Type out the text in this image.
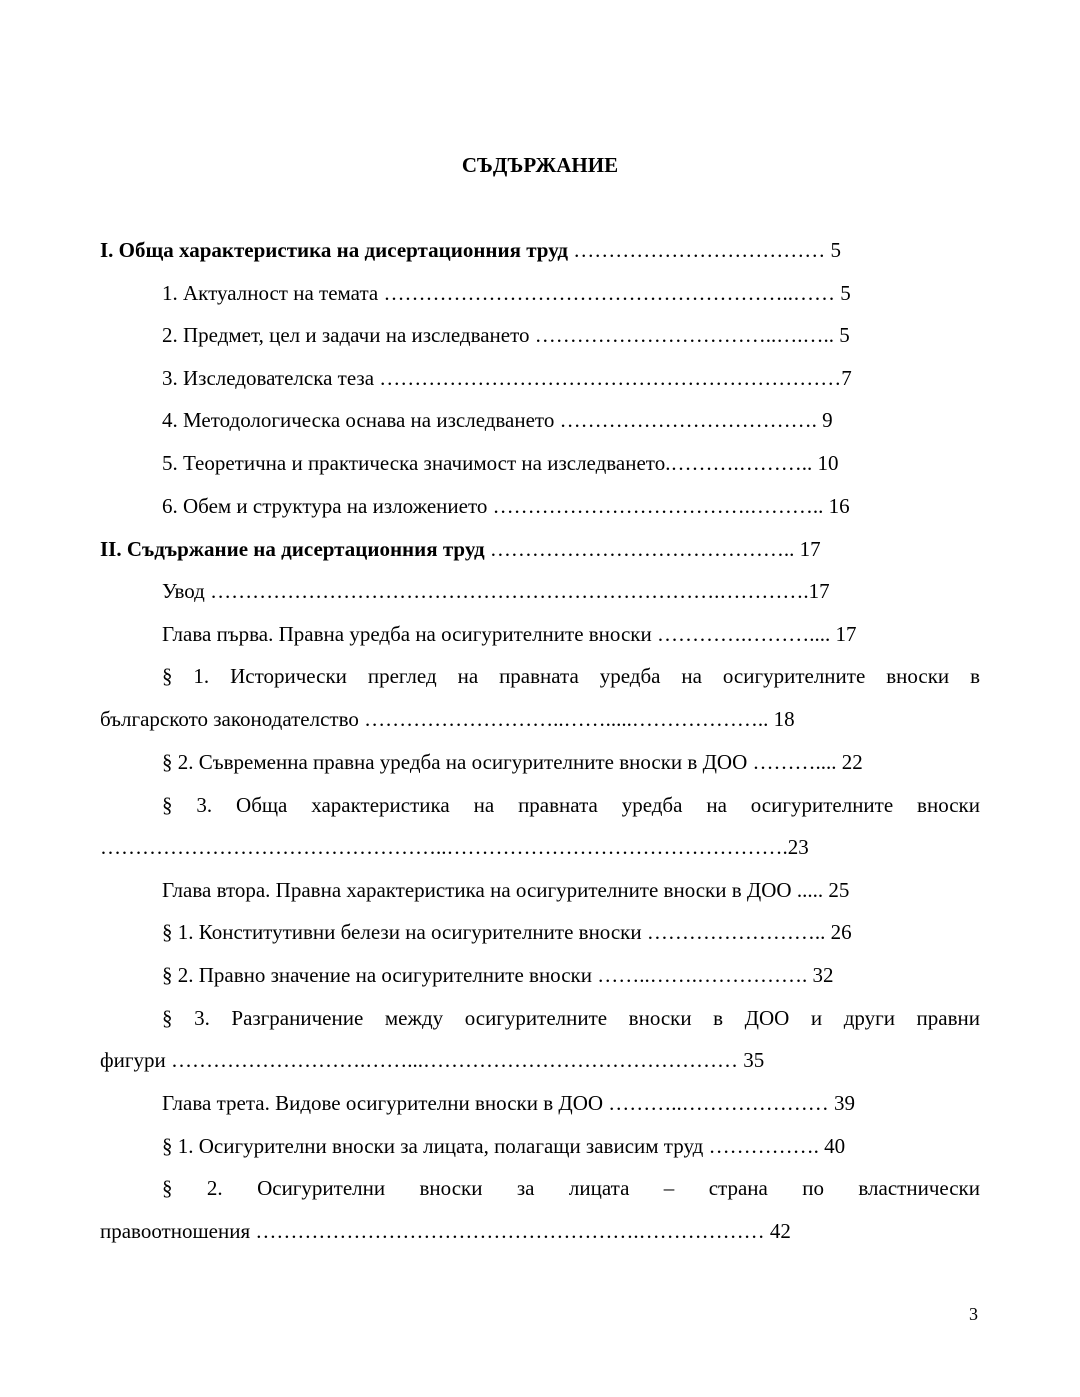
СЪДЪРЖАНИЕ
I. Обща характеристика на дисертационния труд ……………………………… 5
1. Актуалност на темата …………………………………………………..…… 5
2. Предмет, цел и задачи на изследването ……………………………..….….. 5
3. Изследователска теза …………………………………………………………7
4. Методологическа оснава на изследването ………………………………. 9
5. Теоретична и практическа значимост на изследването.……….……….. 10
6. Обем и структура на изложението ……………………………….……….. 16
II. Съдържание на дисертационния труд …………………………………….. 17
Увод ……………………………………………………………….………….17
Глава първа. Правна уредба на осигурителните вноски ………….……….... 17
§ 1. Исторически преглед на правната уредба на осигурителните вноски в
българското законодателство ………………………..…….....……………….. 18
§ 2. Съвременна правна уредба на осигурителните вноски в ДОО ……….... 22
§ 3. Обща характеристика на правната уредба на осигурителните вноски
…………………………………………..………………………………………….23
Глава втора. Правна характеристика на осигурителните вноски в ДОО ..... 25
§ 1. Конститутивни белези на осигурителните вноски …………………….. 26
§ 2. Правно значение на осигурителните вноски ……..…….……………. 32
§ 3. Разграничение между осигурителните вноски в ДОО и други правни
фигури ……………………….……...……………………………………… 35
Глава трета. Видове осигурителни вноски в ДОО ………..………………… 39
§ 1. Осигурителни вноски за лицата, полагащи зависим труд ……………. 40
§ 2. Осигурителни вноски за лицата – страна по властнически
правоотношения ……………………………………………….……………… 42
3
